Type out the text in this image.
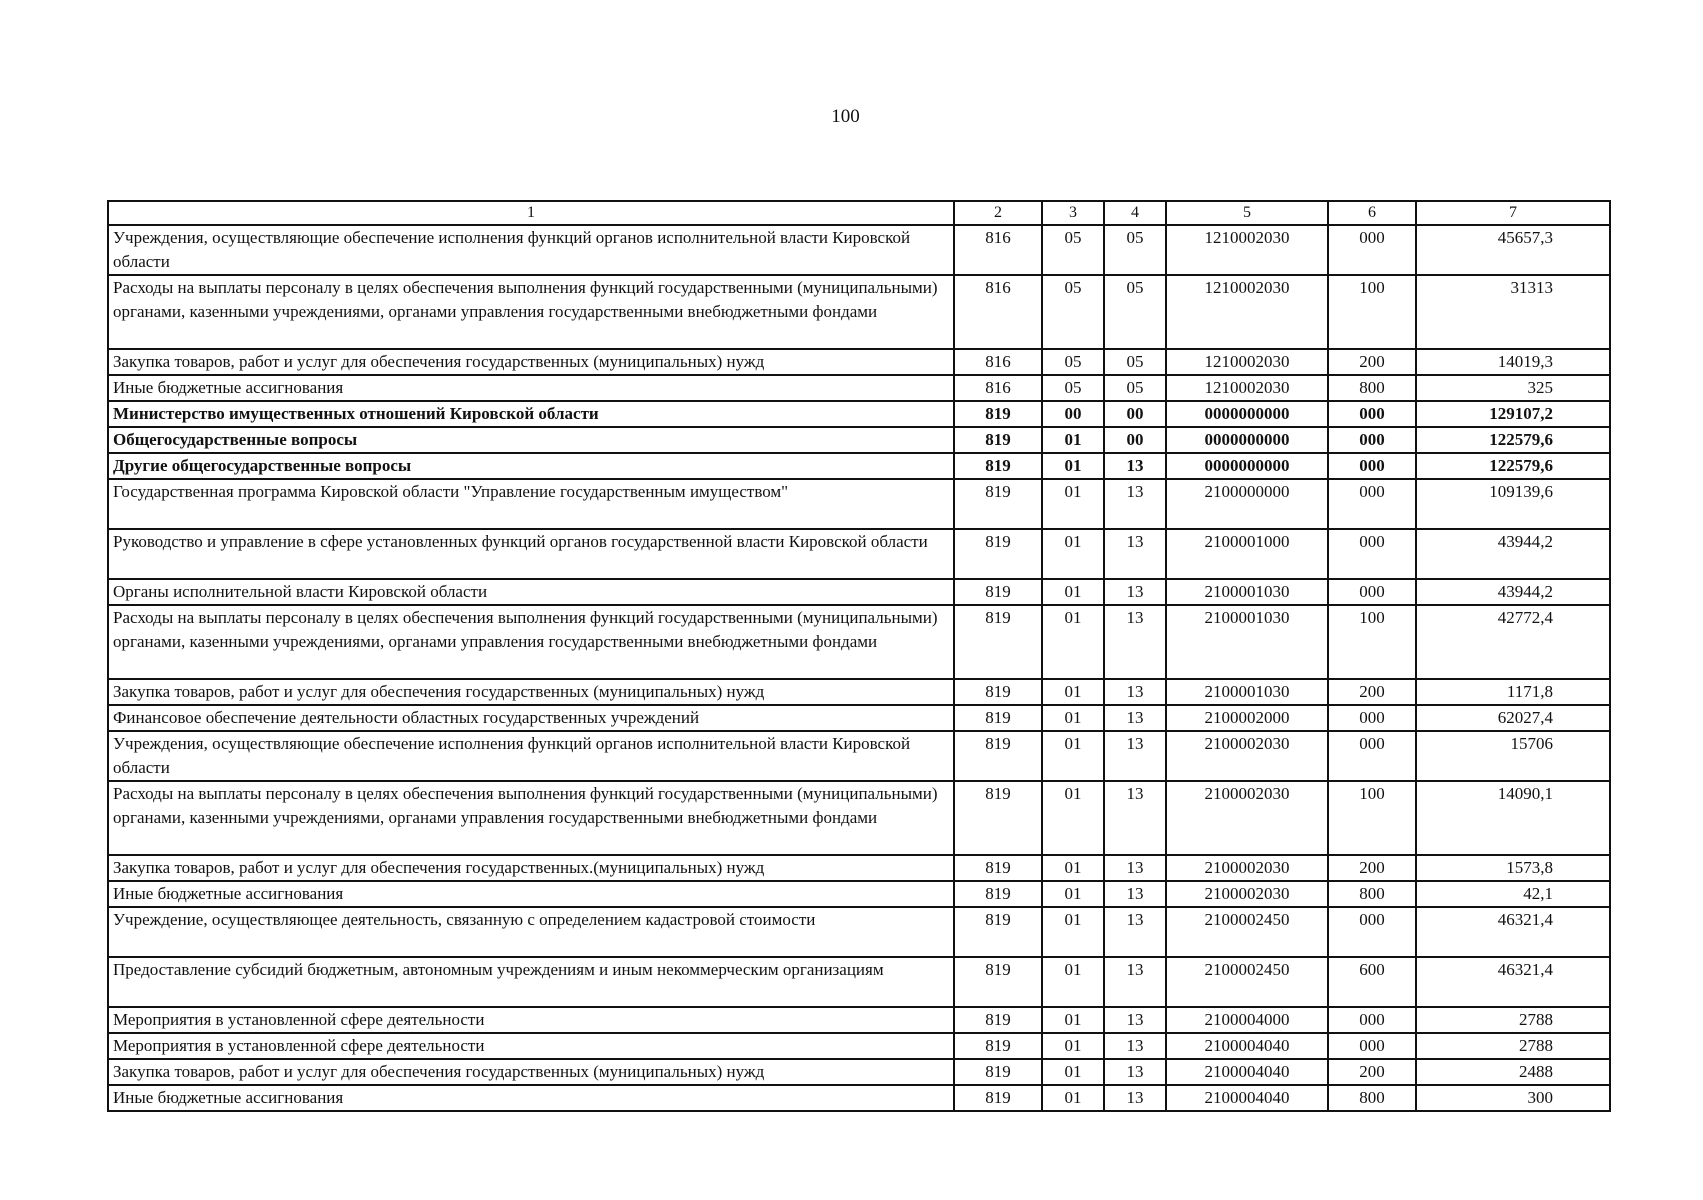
100
1	2	3	4	5	6	7
Учреждения, осуществляющие обеспечение исполнения функций органов исполнительной власти Кировской области	816	05	05	1210002030	000	45657,3
Расходы на выплаты персоналу в целях обеспечения выполнения функций государственными (муниципальными) органами, казенными учреждениями, органами управления государственными внебюджетными фондами	816	05	05	1210002030	100	31313
Закупка товаров, работ и услуг для обеспечения государственных (муниципальных) нужд	816	05	05	1210002030	200	14019,3
Иные бюджетные ассигнования	816	05	05	1210002030	800	325
Министерство имущественных отношений Кировской области	819	00	00	0000000000	000	129107,2
Общегосударственные вопросы	819	01	00	0000000000	000	122579,6
Другие общегосударственные вопросы	819	01	13	0000000000	000	122579,6
Государственная программа Кировской области "Управление государственным имуществом"	819	01	13	2100000000	000	109139,6
Руководство и управление в сфере установленных функций органов государственной власти Кировской области	819	01	13	2100001000	000	43944,2
Органы исполнительной власти Кировской области	819	01	13	2100001030	000	43944,2
Расходы на выплаты персоналу в целях обеспечения выполнения функций государственными (муниципальными) органами, казенными учреждениями, органами управления государственными внебюджетными фондами	819	01	13	2100001030	100	42772,4
Закупка товаров, работ и услуг для обеспечения государственных (муниципальных) нужд	819	01	13	2100001030	200	1171,8
Финансовое обеспечение деятельности областных государственных учреждений	819	01	13	2100002000	000	62027,4
Учреждения, осуществляющие обеспечение исполнения функций органов исполнительной власти Кировской области	819	01	13	2100002030	000	15706
Расходы на выплаты персоналу в целях обеспечения выполнения функций государственными (муниципальными) органами, казенными учреждениями, органами управления государственными внебюджетными фондами	819	01	13	2100002030	100	14090,1
Закупка товаров, работ и услуг для обеспечения государственных.(муниципальных) нужд	819	01	13	2100002030	200	1573,8
Иные бюджетные ассигнования	819	01	13	2100002030	800	42,1
Учреждение, осуществляющее деятельность, связанную с определением кадастровой стоимости	819	01	13	2100002450	000	46321,4
Предоставление субсидий бюджетным, автономным учреждениям и иным некоммерческим организациям	819	01	13	2100002450	600	46321,4
Мероприятия в установленной сфере деятельности	819	01	13	2100004000	000	2788
Мероприятия в установленной сфере деятельности	819	01	13	2100004040	000	2788
Закупка товаров, работ и услуг для обеспечения государственных (муниципальных) нужд	819	01	13	2100004040	200	2488
Иные бюджетные ассигнования	819	01	13	2100004040	800	300
